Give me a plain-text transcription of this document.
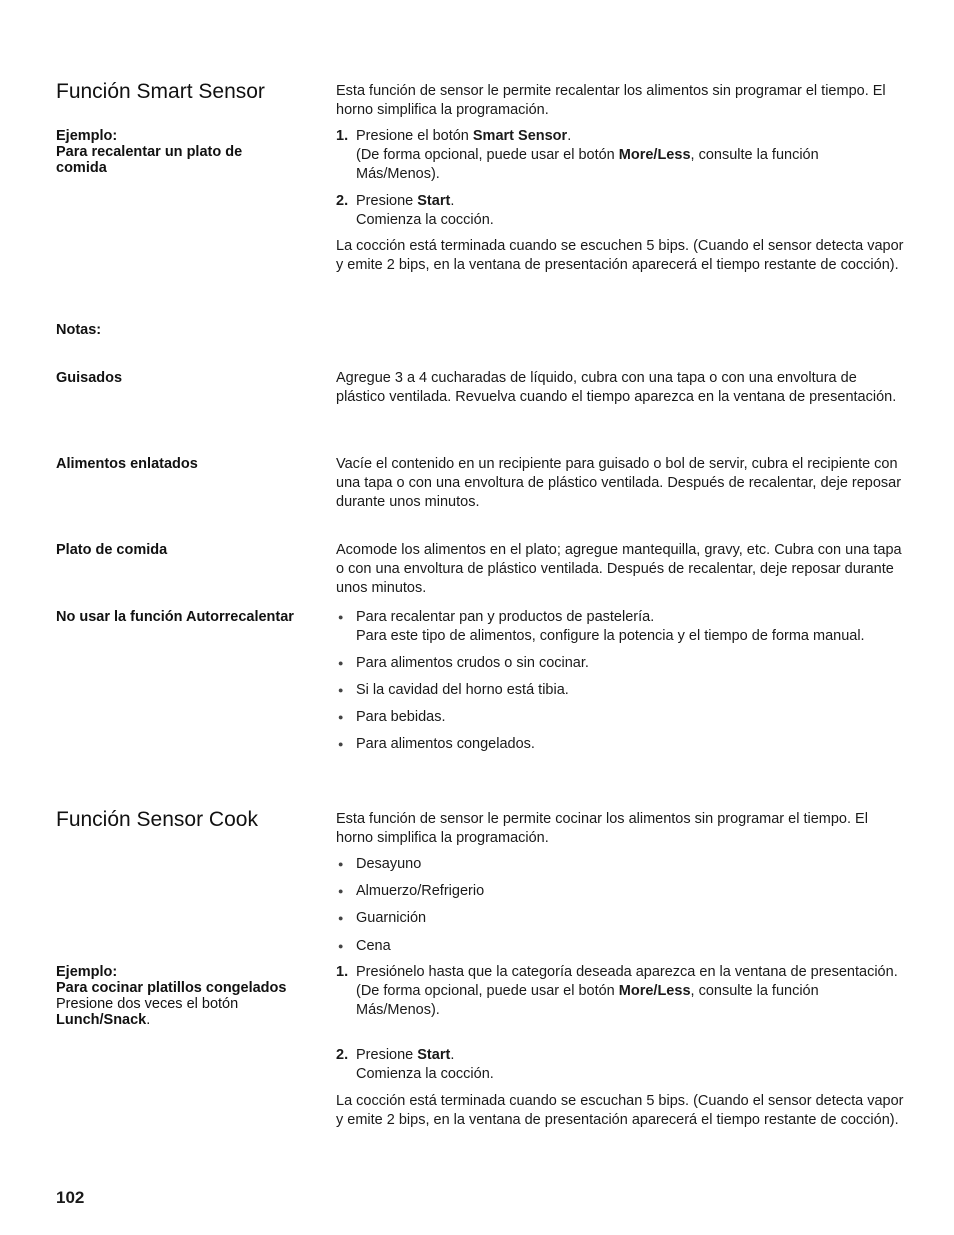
Función Smart Sensor	Esta función de sensor le permite recalentar los alimentos sin programar el tiempo. El horno simplifica la programación.
Ejemplo:
Para recalentar un plato de comida
1. Presione el botón Smart Sensor.
(De forma opcional, puede usar el botón More/Less, consulte la función Más/Menos).
2. Presione Start.
Comienza la cocción.
La cocción está terminada cuando se escuchen 5 bips. (Cuando el sensor detecta vapor y emite 2 bips, en la ventana de presentación aparecerá el tiempo restante de cocción).
Notas:
Guisados	Agregue 3 a 4 cucharadas de líquido, cubra con una tapa o con una envoltura de plástico ventilada. Revuelva cuando el tiempo aparezca en la ventana de presentación.
Alimentos enlatados	Vacíe el contenido en un recipiente para guisado o bol de servir, cubra el recipiente con una tapa o con una envoltura de plástico ventilada. Después de recalentar, deje reposar durante unos minutos.
Plato de comida	Acomode los alimentos en el plato; agregue mantequilla, gravy, etc. Cubra con una tapa o con una envoltura de plástico ventilada. Después de recalentar, deje reposar durante unos minutos.
No usar la función Autorrecalentar	● Para recalentar pan y productos de pastelería.
Para este tipo de alimentos, configure la potencia y el tiempo de forma manual.
● Para alimentos crudos o sin cocinar.
● Si la cavidad del horno está tibia.
● Para bebidas.
● Para alimentos congelados.
Función Sensor Cook	Esta función de sensor le permite cocinar los alimentos sin programar el tiempo. El horno simplifica la programación.
● Desayuno
● Almuerzo/Refrigerio
● Guarnición
● Cena
Ejemplo:
Para cocinar platillos congelados
Presione dos veces el botón
Lunch/Snack.
1. Presiónelo hasta que la categoría deseada aparezca en la ventana de presentación.
(De forma opcional, puede usar el botón More/Less, consulte la función Más/Menos).
2. Presione Start.
Comienza la cocción.
La cocción está terminada cuando se escuchan 5 bips. (Cuando el sensor detecta vapor y emite 2 bips, en la ventana de presentación aparecerá el tiempo restante de cocción).
102
